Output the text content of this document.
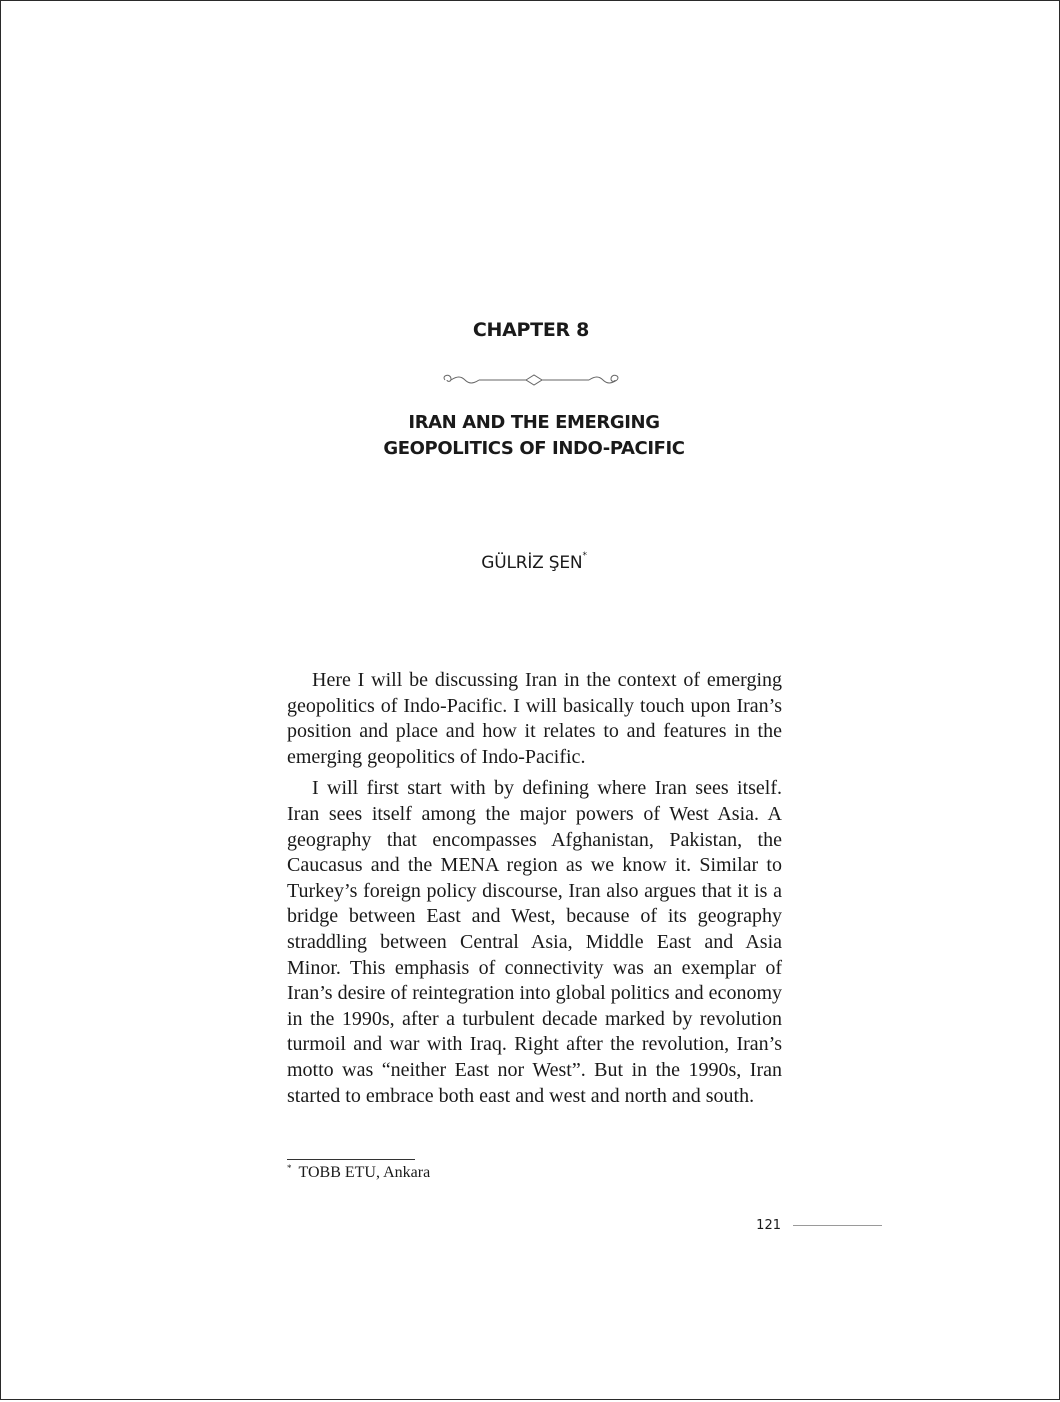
CHAPTER 8
IRAN AND THE EMERGING
GEOPOLITICS OF INDO-PACIFIC
GÜLRİZ ŞEN*

Here I will be discussing Iran in the context of emerging geopolitics of Indo-Pacific. I will basically touch upon Iran’s position and place and how it relates to and features in the emerging geopolitics of Indo-Pacific.

I will first start with by defining where Iran sees itself. Iran sees itself among the major powers of West Asia. A geography that encompasses Afghanistan, Pakistan, the Caucasus and the MENA region as we know it. Similar to Turkey’s foreign policy discourse, Iran also argues that it is a bridge between East and West, because of its geography straddling between Central Asia, Middle East and Asia Minor. This emphasis of connectivity was an exemplar of Iran’s desire of reintegration into global politics and economy in the 1990s, after a turbulent decade marked by revolution turmoil and war with Iraq. Right after the revolution, Iran’s motto was “neither East nor West”. But in the 1990s, Iran started to embrace both east and west and north and south.

* TOBB ETU, Ankara
121
